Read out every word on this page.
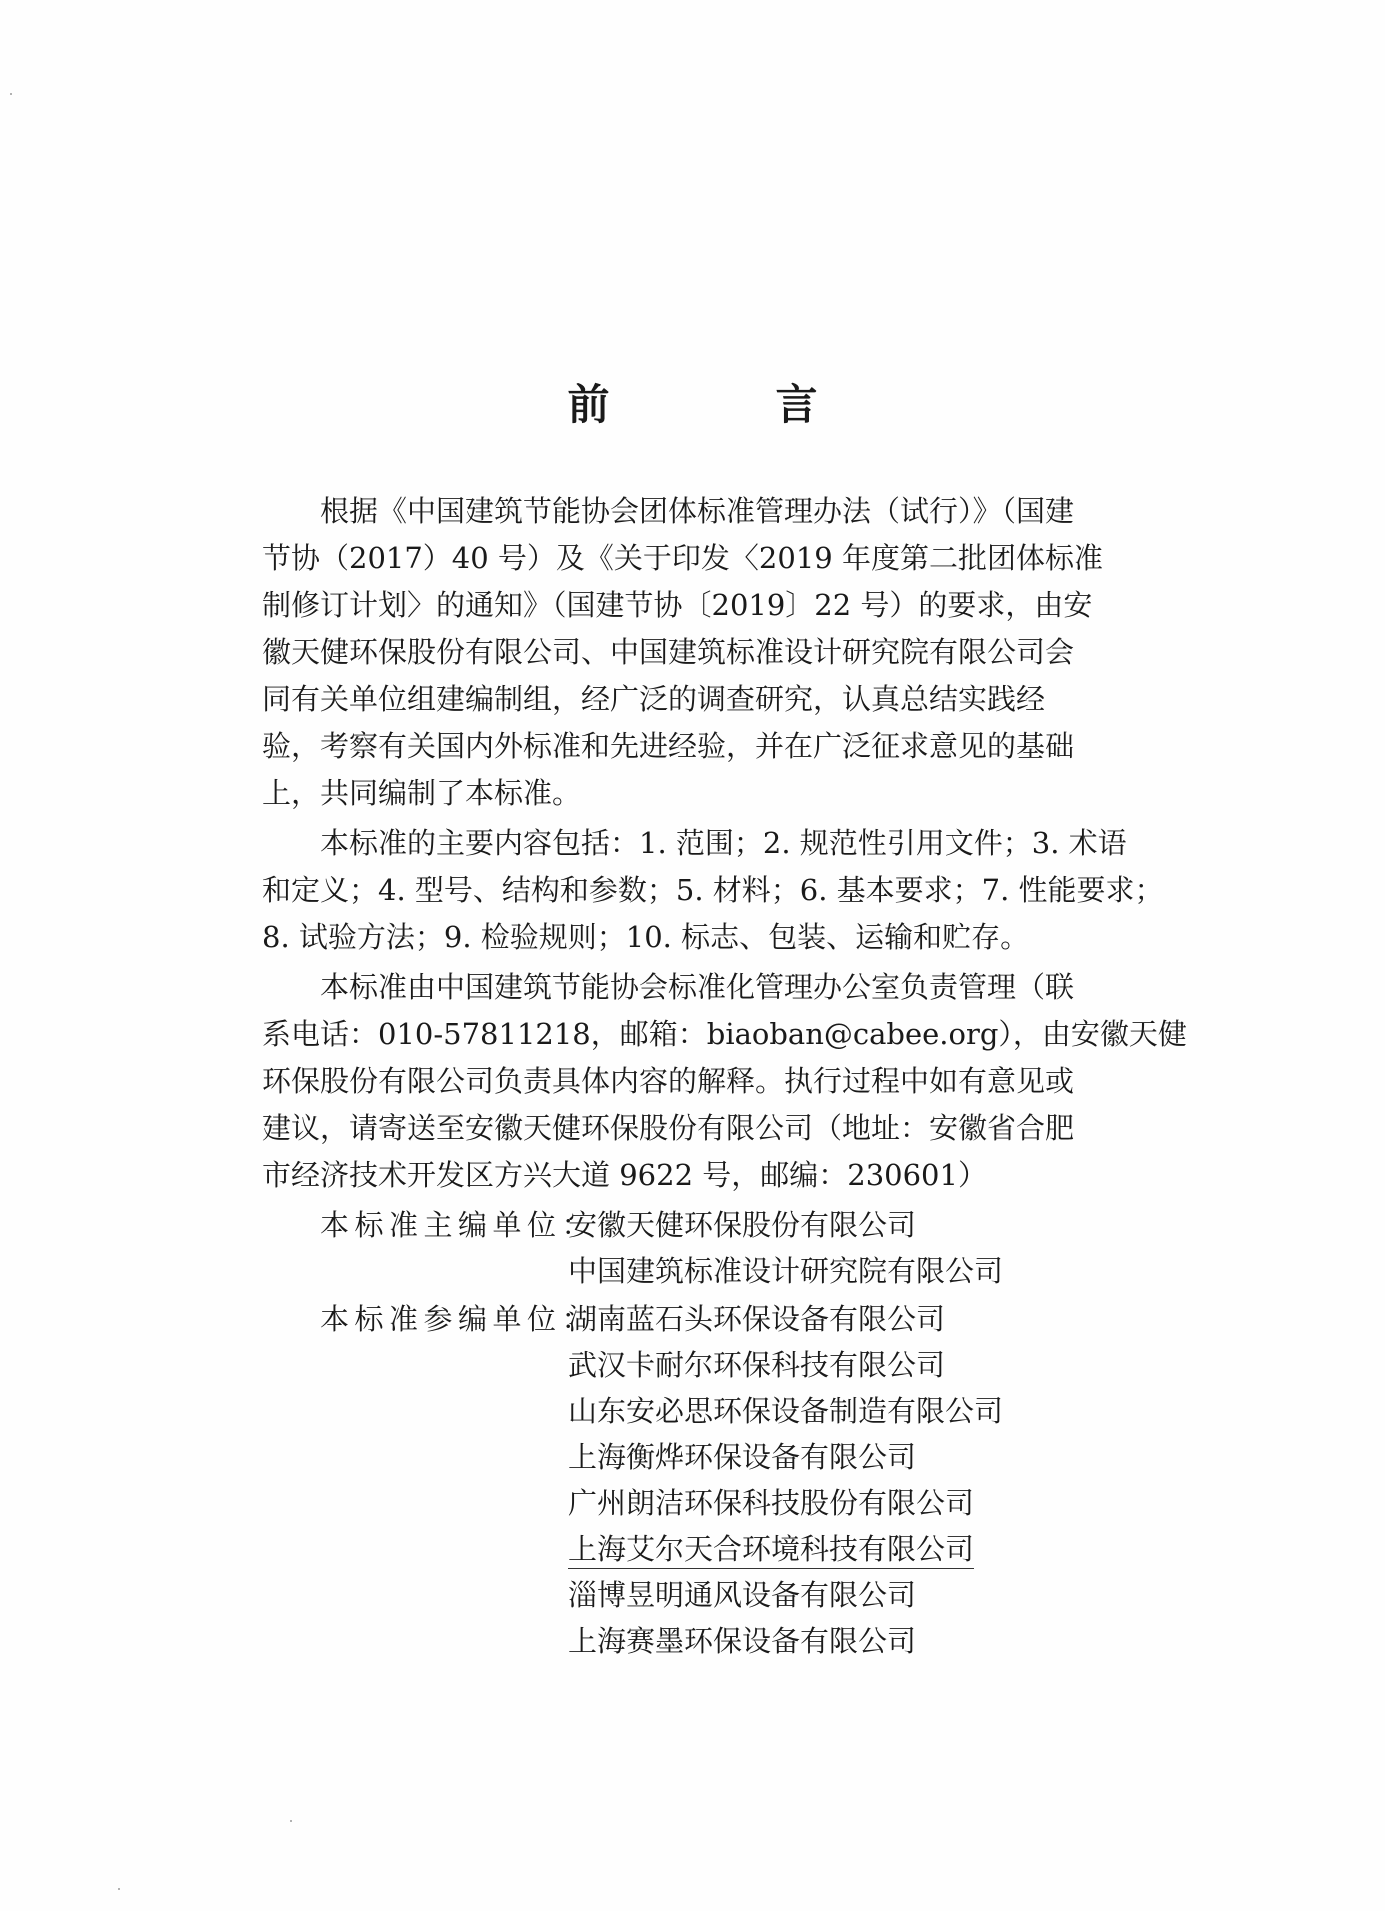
前　言
根据《中国建筑节能协会团体标准管理办法（试行）》（国建
节协（2017）40 号）及《关于印发〈2019 年度第二批团体标准
制修订计划〉的通知》（国建节协〔2019〕22 号）的要求，由安
徽天健环保股份有限公司、中国建筑标准设计研究院有限公司会
同有关单位组建编制组，经广泛的调查研究，认真总结实践经
验，考察有关国内外标准和先进经验，并在广泛征求意见的基础
上，共同编制了本标准。
本标准的主要内容包括：1. 范围；2. 规范性引用文件；3. 术语
和定义；4. 型号、结构和参数；5. 材料；6. 基本要求；7. 性能要求；
8. 试验方法；9. 检验规则；10. 标志、包装、运输和贮存。
本标准由中国建筑节能协会标准化管理办公室负责管理（联
系电话：010-57811218，邮箱：biaoban@cabee.org），由安徽天健
环保股份有限公司负责具体内容的解释。执行过程中如有意见或
建议，请寄送至安徽天健环保股份有限公司（地址：安徽省合肥
市经济技术开发区方兴大道 9622 号，邮编：230601）
本标准主编单位：
安徽天健环保股份有限公司
中国建筑标准设计研究院有限公司
本标准参编单位：
湖南蓝石头环保设备有限公司
武汉卡耐尔环保科技有限公司
山东安必思环保设备制造有限公司
上海衡烨环保设备有限公司
广州朗洁环保科技股份有限公司
上海艾尔天合环境科技有限公司
淄博昱明通风设备有限公司
上海赛墨环保设备有限公司
